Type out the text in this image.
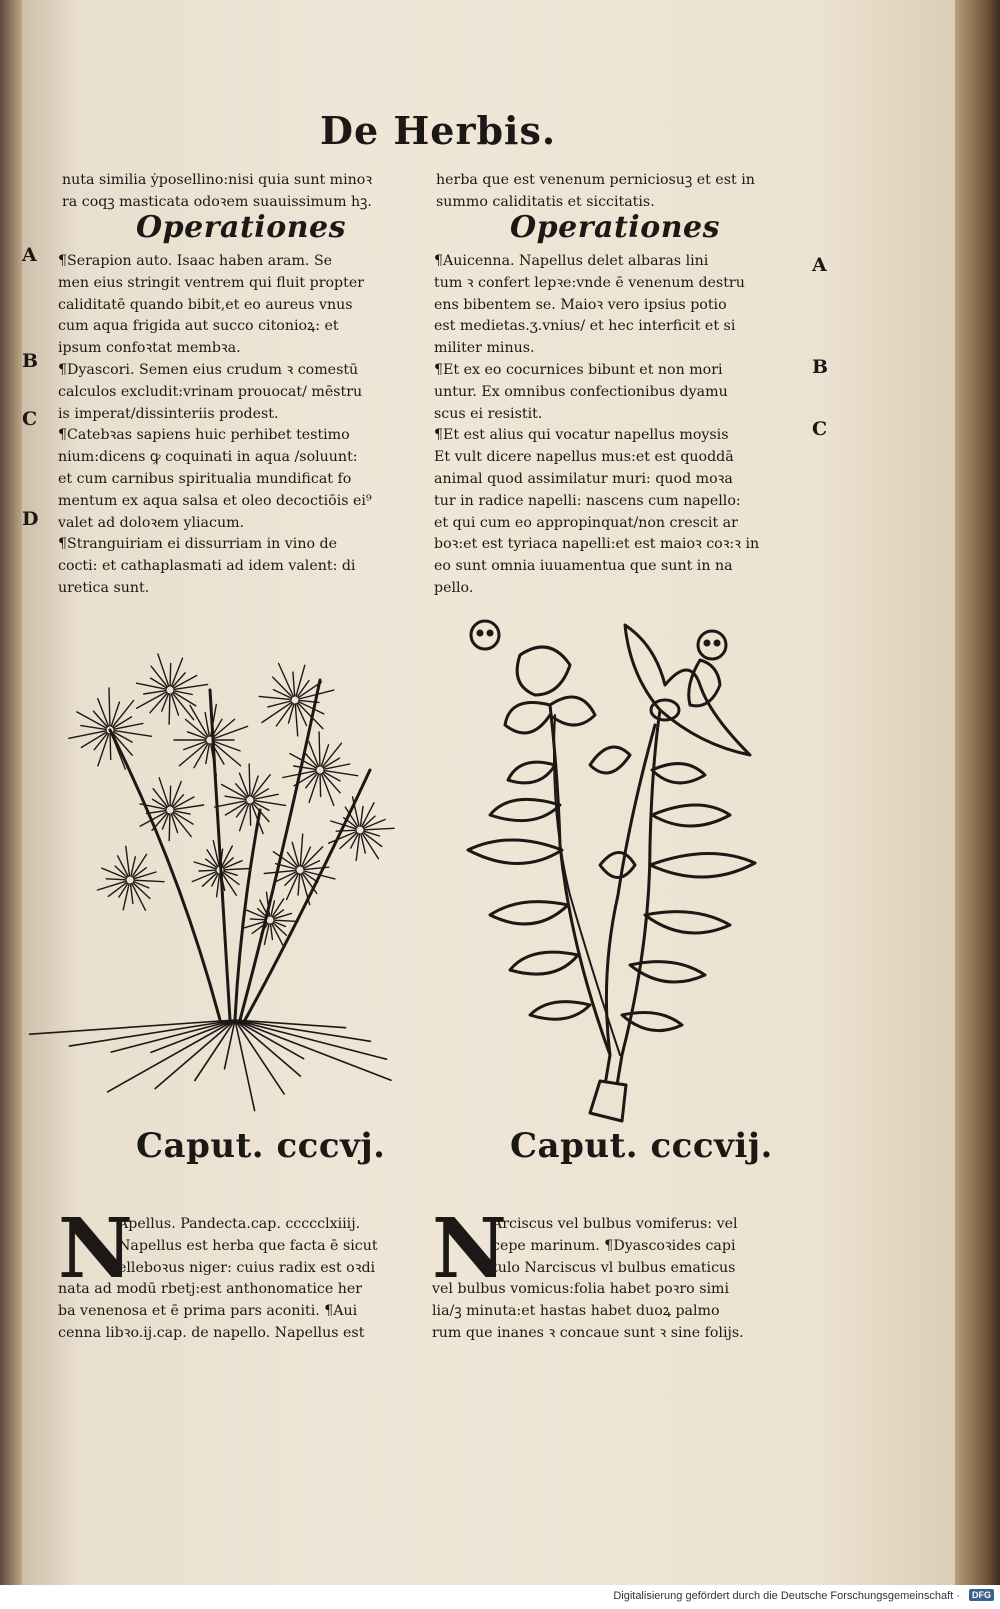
De Herbis.
nuta similia ẏposellino:nisi quia sunt minoꝛ
ra coqꝫ masticata odoꝛem suauissimum hꝫ.
Operationes
A
B
C
D
¶Serapion auto. Isaac haben aram. Se
men eius stringit ventrem qui fluit propter
caliditatē quando bibit,et eo aureus vnus
cum aqua frigida aut succo citonioꝝ: et
ipsum confoꝛtat membꝛa.
¶Dyascori. Semen eius crudum ꝛ comestū
calculos excludit:vrinam prouocat/ mēstru
is imperat/dissinteriis prodest.
¶Catebꝛas sapiens huic perhibet testimo
nium:dicens ꝙ coquinati in aqua /soluunt:
et cum carnibus spiritualia mundificat fo
mentum ex aqua salsa et oleo decoctiōis ei⁹
valet ad doloꝛem yliacum.
¶Stranguiriam ei dissurriam in vino de
cocti: et cathaplasmati ad idem valent: di
uretica sunt.
herba que est venenum perniciosuꝫ et est in
summo caliditatis et siccitatis.
Operationes
A
B
C
¶Auicenna. Napellus delet albaras lini
tum ꝛ confert lepꝛe:vnde ē venenum destru
ens bibentem se. Maioꝛ vero ipsius potio
est medietas.ʒ.vnius/ et hec interficit et si
militer minus.
¶Et ex eo cocurnices bibunt et non mori
untur. Ex omnibus confectionibus dyamu
scus ei resistit.
¶Et est alius qui vocatur napellus moysis
Et vult dicere napellus mus:et est quoddā
animal quod assimilatur muri: quod moꝛa
tur in radice napelli: nascens cum napello:
et qui cum eo appropinquat/non crescit ar
boꝛ:et est tyriaca napelli:et est maioꝛ coꝛ:ꝛ in
eo sunt omnia iuuamentua que sunt in na
pello.
Caput. cccvj.	Caput. cccvij.
N
Apellus. Pandecta.cap. ccccclxiiij.
Napellus est herba que facta ē sicut
elleboꝛus niger: cuius radix est oꝛdi
nata ad modū rbetj:est anthonomatice her
ba venenosa et ē prima pars aconiti. ¶Aui
cenna libꝛo.ij.cap. de napello. Napellus est
N
Arciscus vel bulbus vomiferus: vel
cepe marinum. ¶Dyascoꝛides capi
tulo Narciscus vl bulbus ematicus
vel bulbus vomicus:folia habet poꝛro simi
lia/ꝫ minuta:et hastas habet duoꝝ palmo
rum que inanes ꝛ concaue sunt ꝛ sine folijs.
Digitalisierung gefördert durch die Deutsche Forschungsgemeinschaft ·	DFG
